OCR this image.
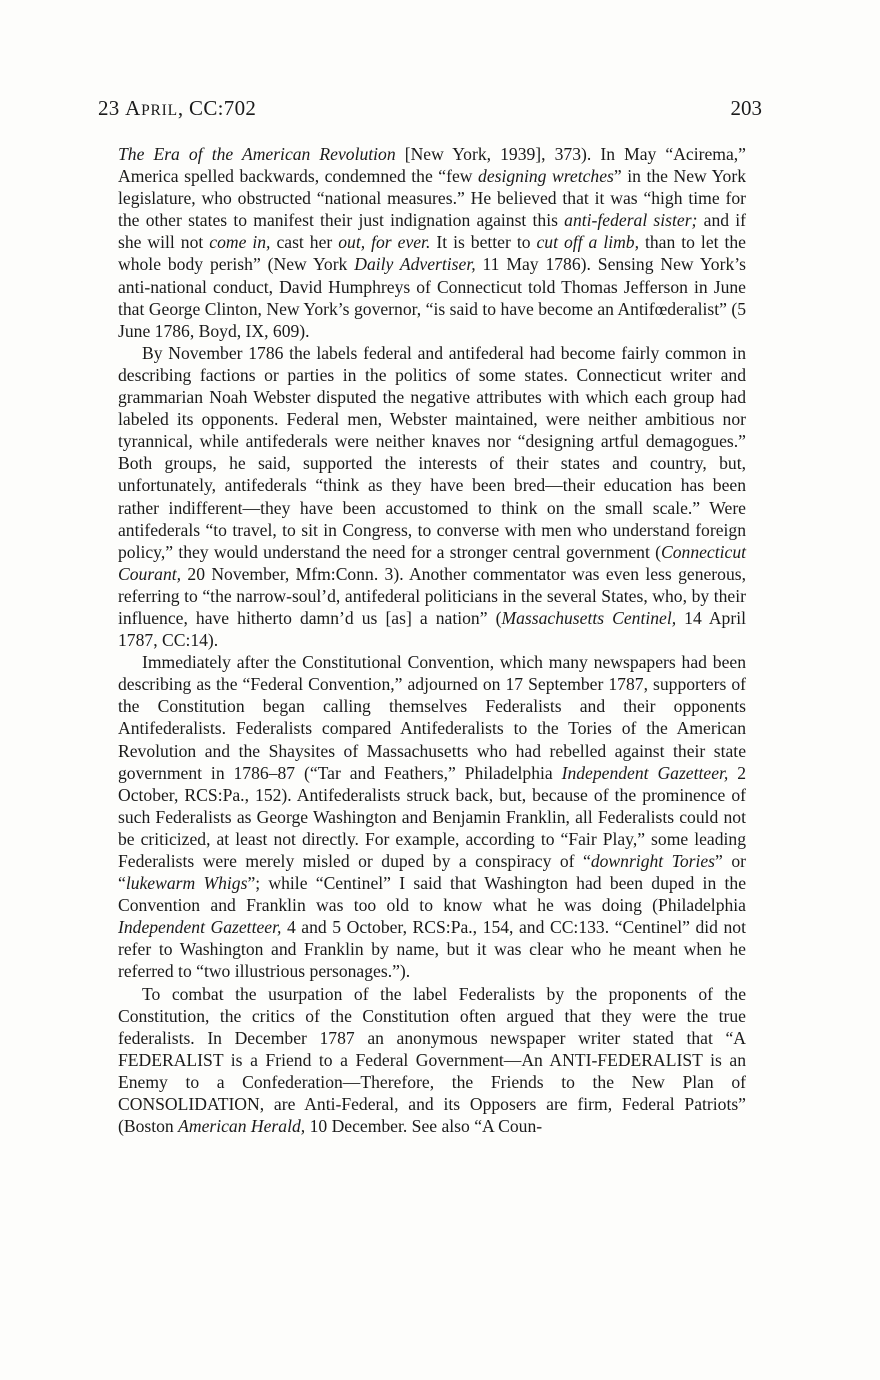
23 APRIL, CC:702	203

The Era of the American Revolution [New York, 1939], 373). In May “Acirema,” America spelled backwards, condemned the “few designing wretches” in the New York legislature, who obstructed “national measures.” He believed that it was “high time for the other states to manifest their just indignation against this anti-federal sister; and if she will not come in, cast her out, for ever. It is better to cut off a limb, than to let the whole body perish” (New York Daily Advertiser, 11 May 1786). Sensing New York’s anti-national conduct, David Humphreys of Connecticut told Thomas Jefferson in June that George Clinton, New York’s governor, “is said to have become an Antifœderalist” (5 June 1786, Boyd, IX, 609).

By November 1786 the labels federal and antifederal had become fairly common in describing factions or parties in the politics of some states. Connecticut writer and grammarian Noah Webster disputed the negative attributes with which each group had labeled its opponents. Federal men, Webster maintained, were neither ambitious nor tyrannical, while antifederals were neither knaves nor “designing artful demagogues.” Both groups, he said, supported the interests of their states and country, but, unfortunately, antifederals “think as they have been bred—their education has been rather indifferent—they have been accustomed to think on the small scale.” Were antifederals “to travel, to sit in Congress, to converse with men who understand foreign policy,” they would understand the need for a stronger central government (Connecticut Courant, 20 November, Mfm:Conn. 3). Another commentator was even less generous, referring to “the narrow-soul’d, antifederal politicians in the several States, who, by their influence, have hitherto damn’d us [as] a nation” (Massachusetts Centinel, 14 April 1787, CC:14).

Immediately after the Constitutional Convention, which many newspapers had been describing as the “Federal Convention,” adjourned on 17 September 1787, supporters of the Constitution began calling themselves Federalists and their opponents Antifederalists. Federalists compared Antifederalists to the Tories of the American Revolution and the Shaysites of Massachusetts who had rebelled against their state government in 1786–87 (“Tar and Feathers,” Philadelphia Independent Gazetteer, 2 October, RCS:Pa., 152). Antifederalists struck back, but, because of the prominence of such Federalists as George Washington and Benjamin Franklin, all Federalists could not be criticized, at least not directly. For example, according to “Fair Play,” some leading Federalists were merely misled or duped by a conspiracy of “downright Tories” or “lukewarm Whigs”; while “Centinel” I said that Washington had been duped in the Convention and Franklin was too old to know what he was doing (Philadelphia Independent Gazetteer, 4 and 5 October, RCS:Pa., 154, and CC:133. “Centinel” did not refer to Washington and Franklin by name, but it was clear who he meant when he referred to “two illustrious personages.”).

To combat the usurpation of the label Federalists by the proponents of the Constitution, the critics of the Constitution often argued that they were the true federalists. In December 1787 an anonymous newspaper writer stated that “A FEDERALIST is a Friend to a Federal Government—An ANTI-FEDERALIST is an Enemy to a Confederation—Therefore, the Friends to the New Plan of CONSOLIDATION, are Anti-Federal, and its Opposers are firm, Federal Patriots” (Boston American Herald, 10 December. See also “A Coun-
